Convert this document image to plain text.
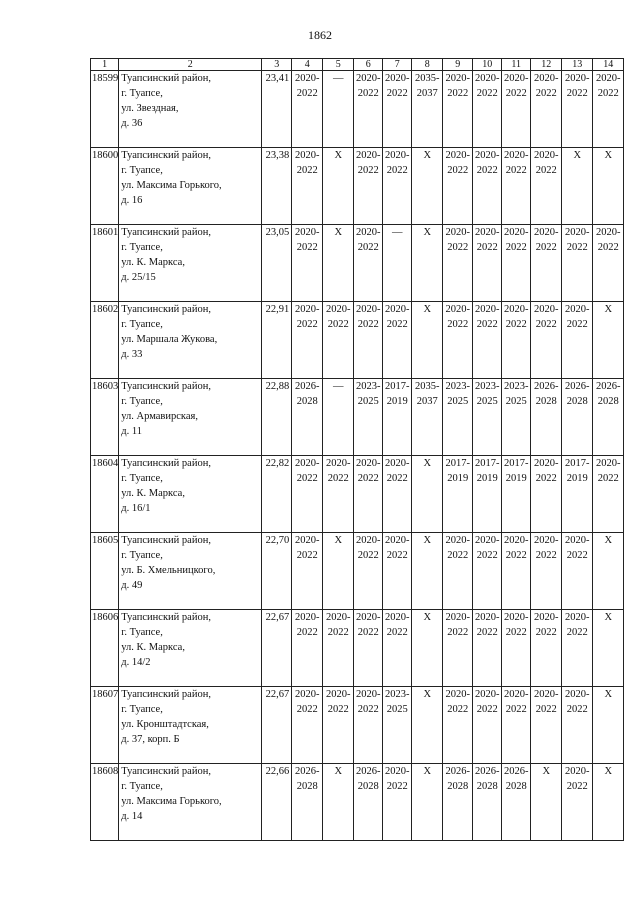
1862
1	2	3	4	5	6	7	8	9	10	11	12	13	14
18599	Туапсинский район,
г. Туапсе,
ул. Звездная,
д. 36	23,41	2020-
2022	—	2020-
2022	2020-
2022	2035-
2037	2020-
2022	2020-
2022	2020-
2022	2020-
2022	2020-
2022	2020-
2022

18600	Туапсинский район,
г. Туапсе,
ул. Максима Горького,
д. 16	23,38	2020-
2022	X	2020-
2022	2020-
2022	X	2020-
2022	2020-
2022	2020-
2022	2020-
2022	X	X

18601	Туапсинский район,
г. Туапсе,
ул. К. Маркса,
д. 25/15	23,05	2020-
2022	X	2020-
2022	—	X	2020-
2022	2020-
2022	2020-
2022	2020-
2022	2020-
2022	2020-
2022

18602	Туапсинский район,
г. Туапсе,
ул. Маршала Жукова,
д. 33	22,91	2020-
2022	2020-
2022	2020-
2022	2020-
2022	X	2020-
2022	2020-
2022	2020-
2022	2020-
2022	2020-
2022	X

18603	Туапсинский район,
г. Туапсе,
ул. Армавирская,
д. 11	22,88	2026-
2028	—	2023-
2025	2017-
2019	2035-
2037	2023-
2025	2023-
2025	2023-
2025	2026-
2028	2026-
2028	2026-
2028

18604	Туапсинский район,
г. Туапсе,
ул. К. Маркса,
д. 16/1	22,82	2020-
2022	2020-
2022	2020-
2022	2020-
2022	X	2017-
2019	2017-
2019	2017-
2019	2020-
2022	2017-
2019	2020-
2022

18605	Туапсинский район,
г. Туапсе,
ул. Б. Хмельницкого,
д. 49	22,70	2020-
2022	X	2020-
2022	2020-
2022	X	2020-
2022	2020-
2022	2020-
2022	2020-
2022	2020-
2022	X

18606	Туапсинский район,
г. Туапсе,
ул. К. Маркса,
д. 14/2	22,67	2020-
2022	2020-
2022	2020-
2022	2020-
2022	X	2020-
2022	2020-
2022	2020-
2022	2020-
2022	2020-
2022	X

18607	Туапсинский район,
г. Туапсе,
ул. Кронштадтская,
д. 37, корп. Б	22,67	2020-
2022	2020-
2022	2020-
2022	2023-
2025	X	2020-
2022	2020-
2022	2020-
2022	2020-
2022	2020-
2022	X

18608	Туапсинский район,
г. Туапсе,
ул. Максима Горького,
д. 14	22,66	2026-
2028	X	2026-
2028	2020-
2022	X	2026-
2028	2026-
2028	2026-
2028	X	2020-
2022	X
